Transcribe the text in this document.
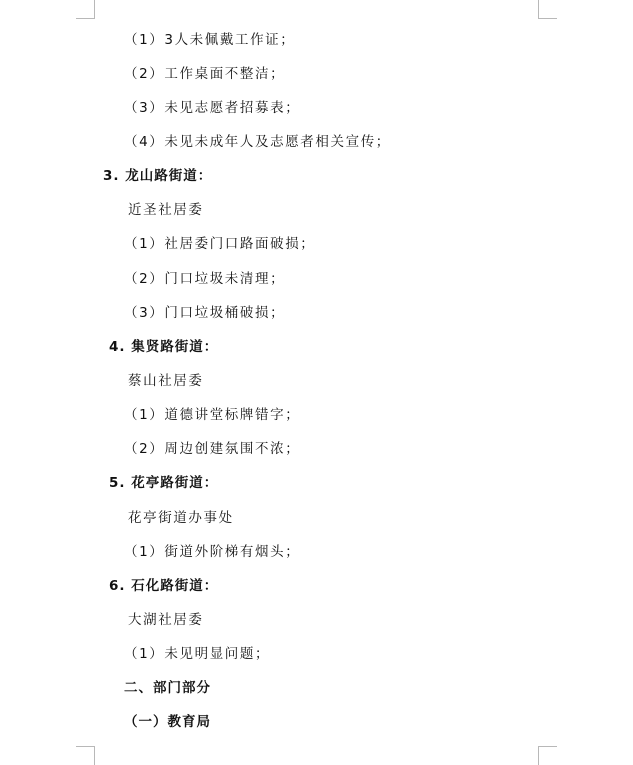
（1）3人未佩戴工作证；
（2）工作桌面不整洁；
（3）未见志愿者招募表；
（4）未见未成年人及志愿者相关宣传；
3. 龙山路街道：
近圣社居委
（1）社居委门口路面破损；
（2）门口垃圾未清理；
（3）门口垃圾桶破损；
4. 集贤路街道：
蔡山社居委
（1）道德讲堂标牌错字；
（2）周边创建氛围不浓；
5. 花亭路街道：
花亭街道办事处
（1）街道外阶梯有烟头；
6. 石化路街道：
大湖社居委
（1）未见明显问题；
二、部门部分
（一）教育局
